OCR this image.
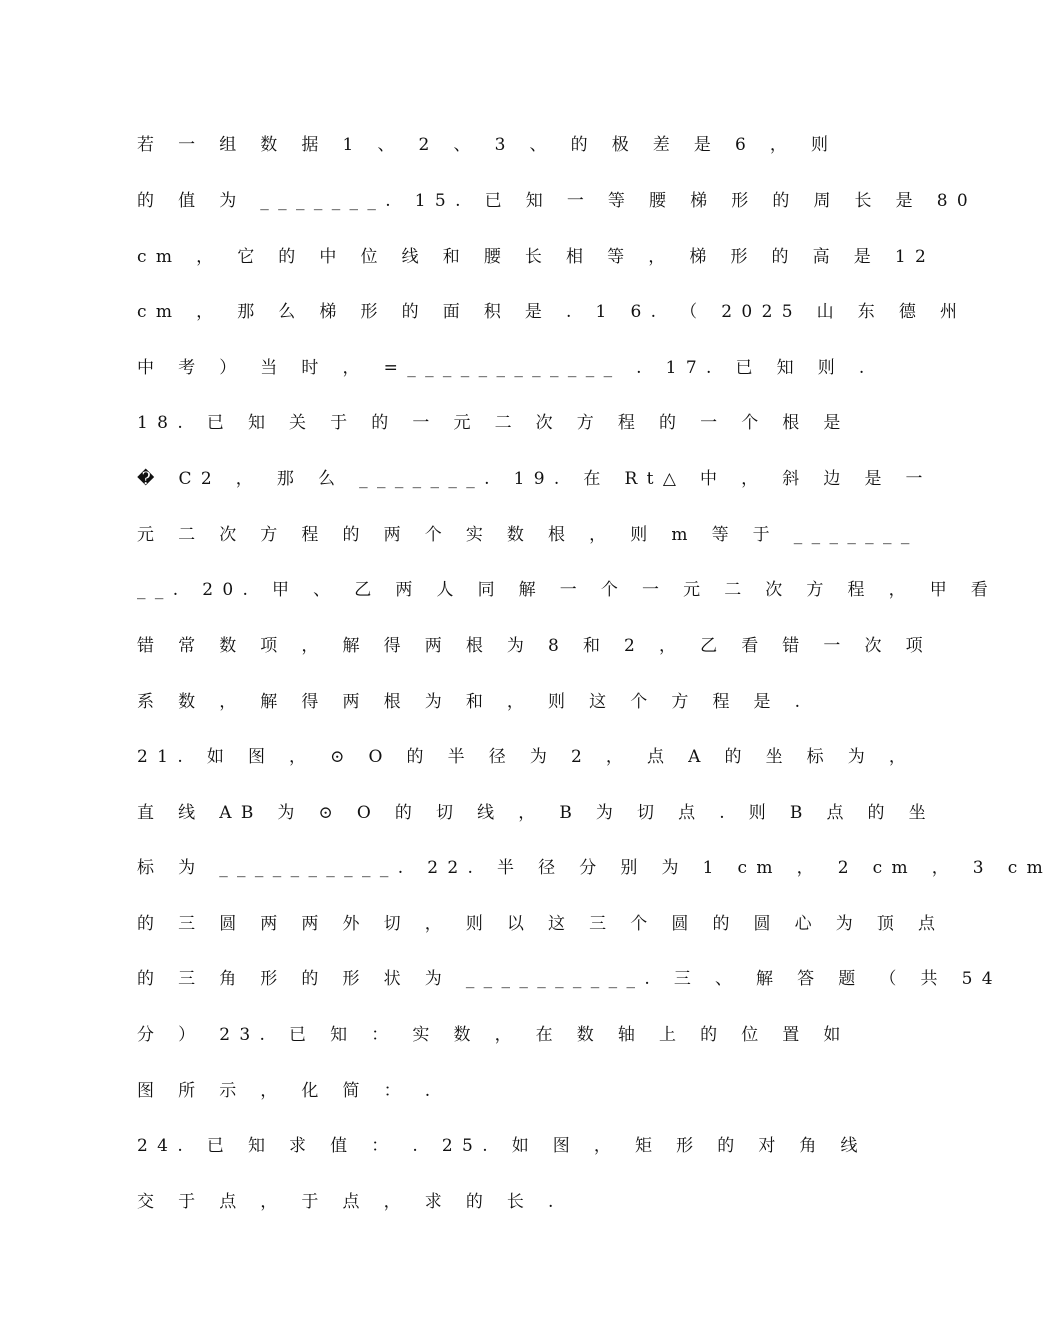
若 一 组 数 据 1 、 2 、 3 、 的 极 差 是 6 ， 则
的 值 为 _______. 15. 已 知 一 等 腰 梯 形 的 周 长 是 80
cm ， 它 的 中 位 线 和 腰 长 相 等 ， 梯 形 的 高 是 12
cm ， 那 么 梯 形 的 面 积 是 . 1 6. （ 2025 山 东 德 州
中 考 ） 当 时 ， =____________ . 17. 已 知 则 .
18. 已 知 关 于 的 一 元 二 次 方 程 的 一 个 根 是
� C2 ， 那 么 _______. 19. 在 Rt△ 中 ， 斜 边 是 一
元 二 次 方 程 的 两 个 实 数 根 ， 则 m 等 于 _______
__. 20. 甲 、 乙 两 人 同 解 一 个 一 元 二 次 方 程 ， 甲 看
错 常 数 项 ， 解 得 两 根 为 8 和 2 ， 乙 看 错 一 次 项
系 数 ， 解 得 两 根 为 和 ， 则 这 个 方 程 是 .
21. 如 图 ， ⊙ O 的 半 径 为 2 ， 点 A 的 坐 标 为 ，
直 线 AB 为 ⊙ O 的 切 线 ， B 为 切 点 . 则 B 点 的 坐
标 为 __________. 22. 半 径 分 别 为 1 cm ， 2 cm ， 3 cm
的 三 圆 两 两 外 切 ， 则 以 这 三 个 圆 的 圆 心 为 顶 点
的 三 角 形 的 形 状 为 __________. 三 、 解 答 题 （ 共 54
分 ） 23. 已 知 ： 实 数 ， 在 数 轴 上 的 位 置 如
图 所 示 ， 化 简 ： .
24. 已 知 求 值 ： . 25. 如 图 ， 矩 形 的 对 角 线
交 于 点 ， 于 点 ， 求 的 长 .
